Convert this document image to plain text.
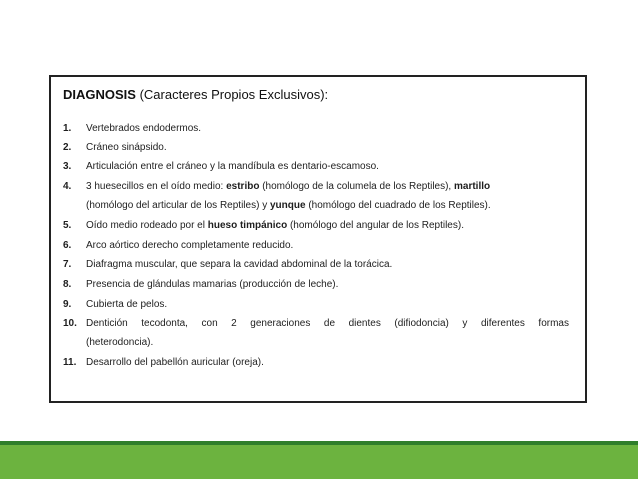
DIAGNOSIS (Caracteres Propios Exclusivos):
1.	Vertebrados endodermos.
2.	Cráneo sinápsido.
3.	Articulación entre el cráneo y la mandíbula es dentario-escamoso.
4.	3 huesecillos en el oído medio: estribo (homólogo de la columela de los Reptiles), martillo
(homólogo del articular de los Reptiles) y yunque (homólogo del cuadrado de los Reptiles).
5.	Oído medio rodeado por el hueso timpánico (homólogo del angular de los Reptiles).
6.	Arco aórtico derecho completamente reducido.
7.	Diafragma muscular, que separa la cavidad abdominal de la torácica.
8.	Presencia de glándulas mamarias (producción de leche).
9.	Cubierta de pelos.
10. Dentición tecodonta, con 2 generaciones de dientes (difiodoncia) y diferentes formas
(heterodoncia).
11. Desarrollo del pabellón auricular (oreja).
